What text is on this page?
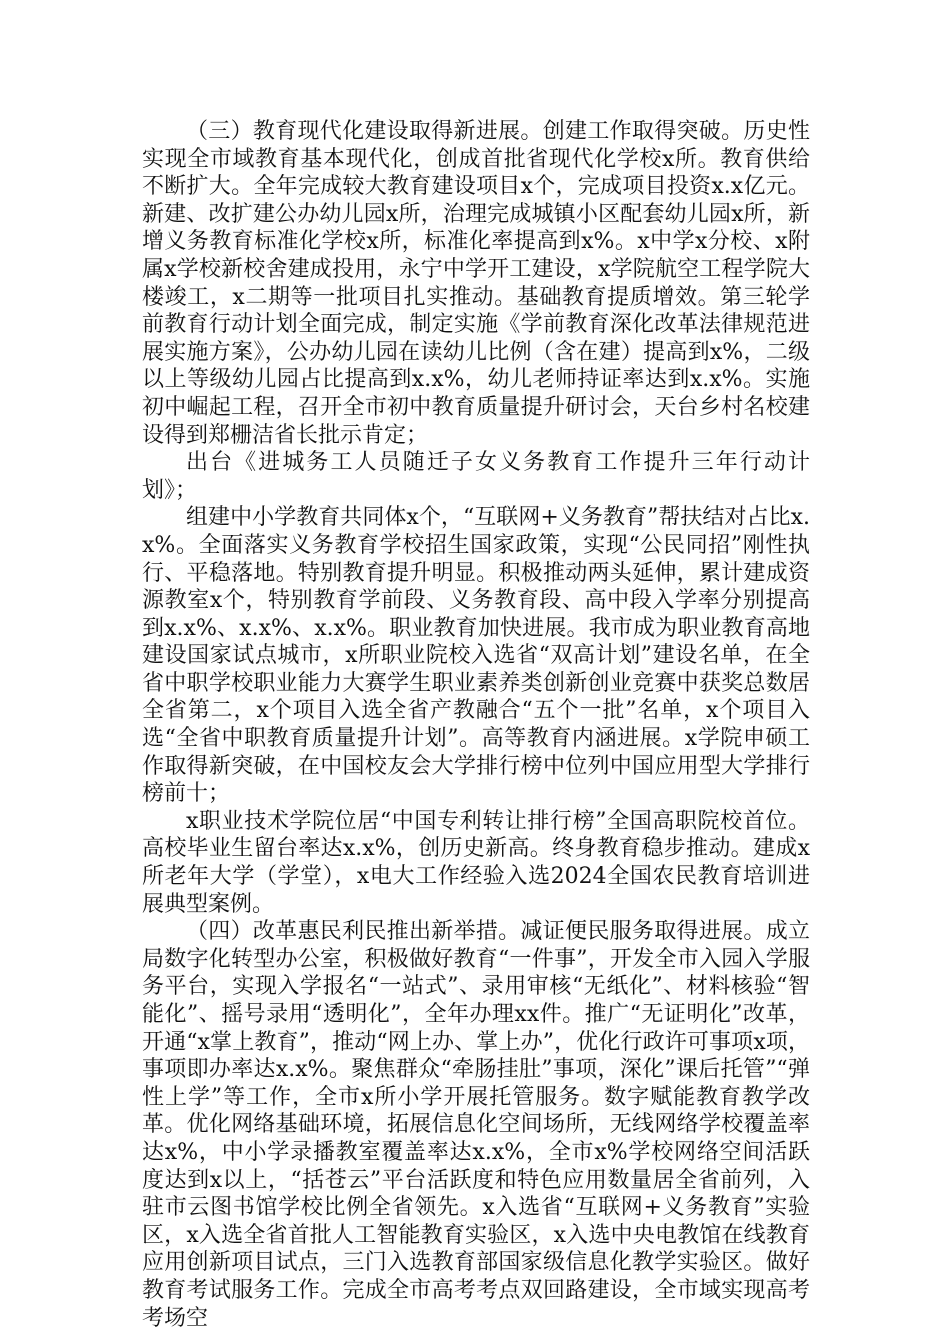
（三）教育现代化建设取得新进展。创建工作取得突破。历史性实现全市域教育基本现代化，创成首批省现代化学校x所。教育供给不断扩大。全年完成较大教育建设项目x个，完成项目投资x.x亿元。新建、改扩建公办幼儿园x所，治理完成城镇小区配套幼儿园x所，新增义务教育标准化学校x所，标准化率提高到x%。x中学x分校、x附属x学校新校舍建成投用，永宁中学开工建设，x学院航空工程学院大楼竣工，x二期等一批项目扎实推动。基础教育提质增效。第三轮学前教育行动计划全面完成，制定实施《学前教育深化改革法律规范进展实施方案》，公办幼儿园在读幼儿比例（含在建）提高到x%，二级以上等级幼儿园占比提高到x.x%，幼儿老师持证率达到x.x%。实施初中崛起工程，召开全市初中教育质量提升研讨会，天台乡村名校建设得到郑栅洁省长批示肯定；

出台《进城务工人员随迁子女义务教育工作提升三年行动计划》；

组建中小学教育共同体x个，“互联网+义务教育”帮扶结对占比x.x%。全面落实义务教育学校招生国家政策，实现“公民同招”刚性执行、平稳落地。特别教育提升明显。积极推动两头延伸，累计建成资源教室x个，特别教育学前段、义务教育段、高中段入学率分别提高到x.x%、x.x%、x.x%。职业教育加快进展。我市成为职业教育高地建设国家试点城市，x所职业院校入选省“双高计划”建设名单，在全省中职学校职业能力大赛学生职业素养类创新创业竞赛中获奖总数居全省第二，x个项目入选全省产教融合“五个一批”名单，x个项目入选“全省中职教育质量提升计划”。高等教育内涵进展。x学院申硕工作取得新突破，在中国校友会大学排行榜中位列中国应用型大学排行榜前十；

x职业技术学院位居“中国专利转让排行榜”全国高职院校首位。高校毕业生留台率达x.x%，创历史新高。终身教育稳步推动。建成x所老年大学（学堂），x电大工作经验入选2024全国农民教育培训进展典型案例。

（四）改革惠民利民推出新举措。减证便民服务取得进展。成立局数字化转型办公室，积极做好教育“一件事”，开发全市入园入学服务平台，实现入学报名“一站式”、录用审核“无纸化”、材料核验“智能化”、摇号录用“透明化”，全年办理xx件。推广“无证明化”改革，开通“x掌上教育”，推动“网上办、掌上办”，优化行政许可事项x项，事项即办率达x.x%。聚焦群众“牵肠挂肚”事项，深化”课后托管”“弹性上学”等工作，全市x所小学开展托管服务。数字赋能教育教学改革。优化网络基础环境，拓展信息化空间场所，无线网络学校覆盖率达x%，中小学录播教室覆盖率达x.x%，全市x%学校网络空间活跃度达到x以上，“括苍云”平台活跃度和特色应用数量居全省前列，入驻市云图书馆学校比例全省领先。x入选省“互联网+义务教育”实验区，x入选全省首批人工智能教育实验区，x入选中央电教馆在线教育应用创新项目试点，三门入选教育部国家级信息化教学实验区。做好教育考试服务工作。完成全市高考考点双回路建设，全市域实现高考考场空
